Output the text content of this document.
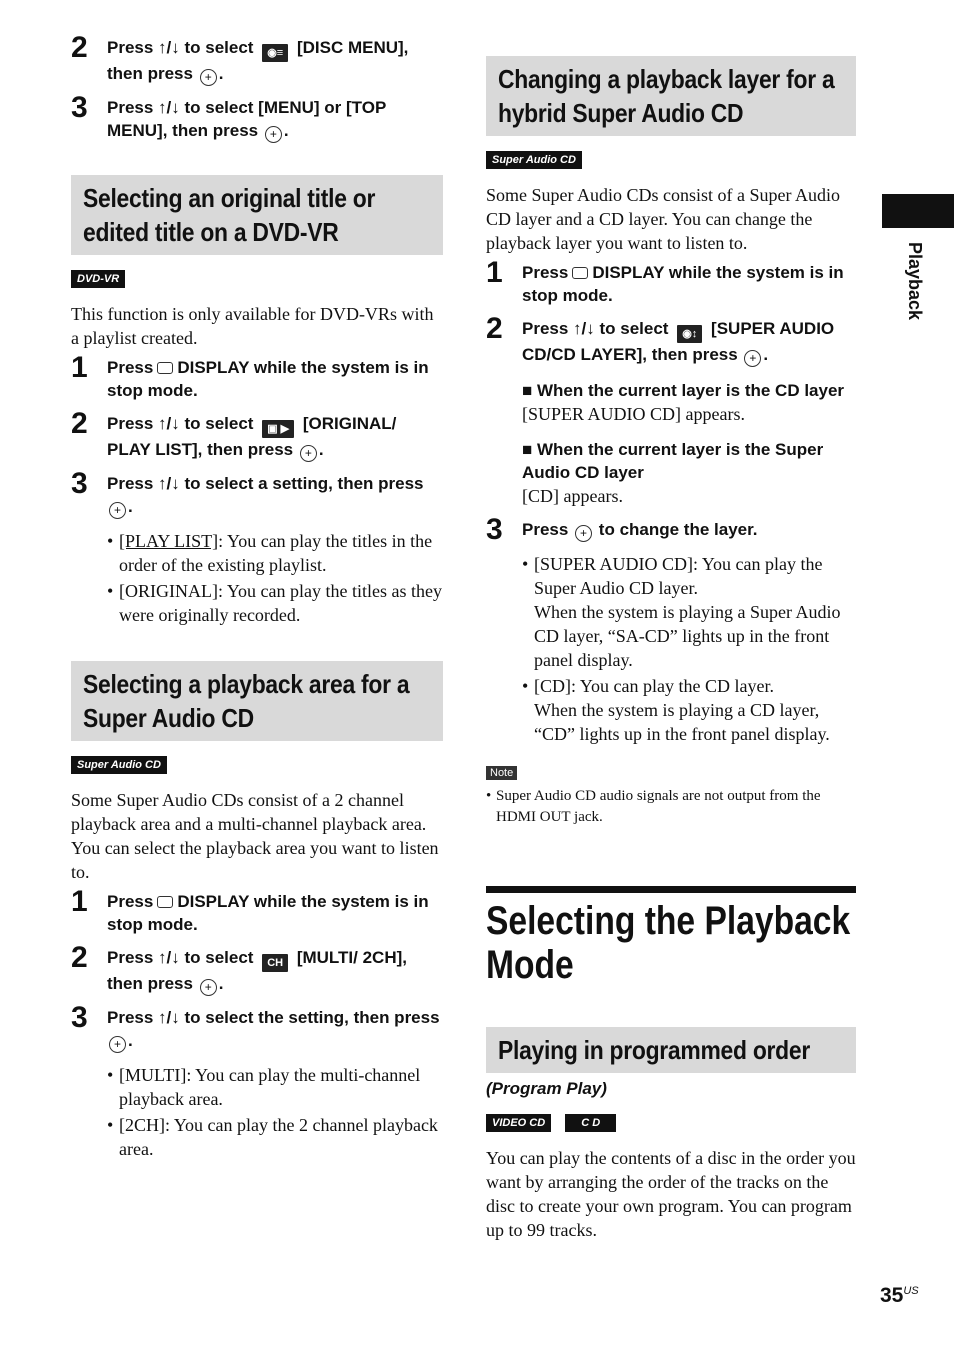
2 Press ↑/↓ to select ◉≡ [DISC MENU], then press + .
3 Press ↑/↓ to select [MENU] or [TOP MENU], then press + .
Selecting an original title or edited title on a DVD-VR
DVD-VR

This function is only available for DVD-VRs with a playlist created.

1 Press DISPLAY while the system is in stop mode.
2 Press ↑/↓ to select ▣ ▶ [ORIGINAL/ PLAY LIST], then press + .
3 Press ↑/↓ to select a setting, then press + .
• [PLAY LIST]: You can play the titles in the order of the existing playlist.
• [ORIGINAL]: You can play the titles as they were originally recorded.
Selecting a playback area for a Super Audio CD
Super Audio CD

Some Super Audio CDs consist of a 2 channel playback area and a multi-channel playback area. You can select the playback area you want to listen to.

1 Press DISPLAY while the system is in stop mode.
2 Press ↑/↓ to select CH [MULTI/ 2CH], then press + .
3 Press ↑/↓ to select the setting, then press + .
• [MULTI]: You can play the multi-channel playback area.
• [2CH]: You can play the 2 channel playback area.
Changing a playback layer for a hybrid Super Audio CD
Super Audio CD

Some Super Audio CDs consist of a Super Audio CD layer and a CD layer. You can change the playback layer you want to listen to.

1 Press DISPLAY while the system is in stop mode.
2 Press ↑/↓ to select ◉↕ [SUPER AUDIO CD/CD LAYER], then press + .
■ When the current layer is the CD layer
[SUPER AUDIO CD] appears.
■ When the current layer is the Super Audio CD layer
[CD] appears.
3 Press + to change the layer.
• [SUPER AUDIO CD]: You can play the Super Audio CD layer.
When the system is playing a Super Audio CD layer, “SA-CD” lights up in the front panel display.
• [CD]: You can play the CD layer.
When the system is playing a CD layer, “CD” lights up in the front panel display.
Note

• Super Audio CD audio signals are not output from the HDMI OUT jack.

Selecting the Playback Mode
Playing in programmed order
(Program Play)
VIDEO CD	C D

You can play the contents of a disc in the order you want by arranging the order of the tracks on the disc to create your own program. You can program up to 99 tracks.

Playback
$35^{US}$
